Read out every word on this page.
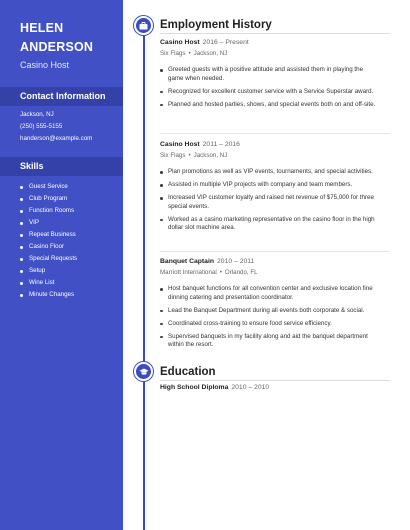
HELEN
ANDERSON
Casino Host
Contact Information
Jackson, NJ
(250) 555-5155
handerson@example.com
Skills
Guest Service
Club Program
Function Rooms
VIP
Repeat Business
Casino Floor
Special Requests
Setup
Wine List
Minute Changes
Employment History
Casino Host 2016 – Present
Six Flags • Jackson, NJ
Greeted guests with a positive attitude and assisted them in playing the game when needed.
Recognized for excellent customer service with a Service Superstar award.
Planned and hosted parties, shows, and special events both on and off-site.
Casino Host 2011 – 2016
Six Flags • Jackson, NJ
Plan promotions as well as VIP events, tournaments, and special activities.
Assisted in multiple VIP projects with company and team members.
Increased VIP customer loyalty and raised net revenue of $75,000 for three special events.
Worked as a casino marketing representative on the casino floor in the high dollar slot machine area.
Banquet Captain 2010 – 2011
Marriott International • Orlando, FL
Host banquet functions for all convention center and exclusive location fine dinning catering and presentation coordinator.
Lead the Banquet Department during all events both corporate & social.
Coordinated cross-training to ensure food service efficiency.
Supervised banquets in my facility along and aid the banquet department within the resort.
Education
High School Diploma 2010 – 2010
